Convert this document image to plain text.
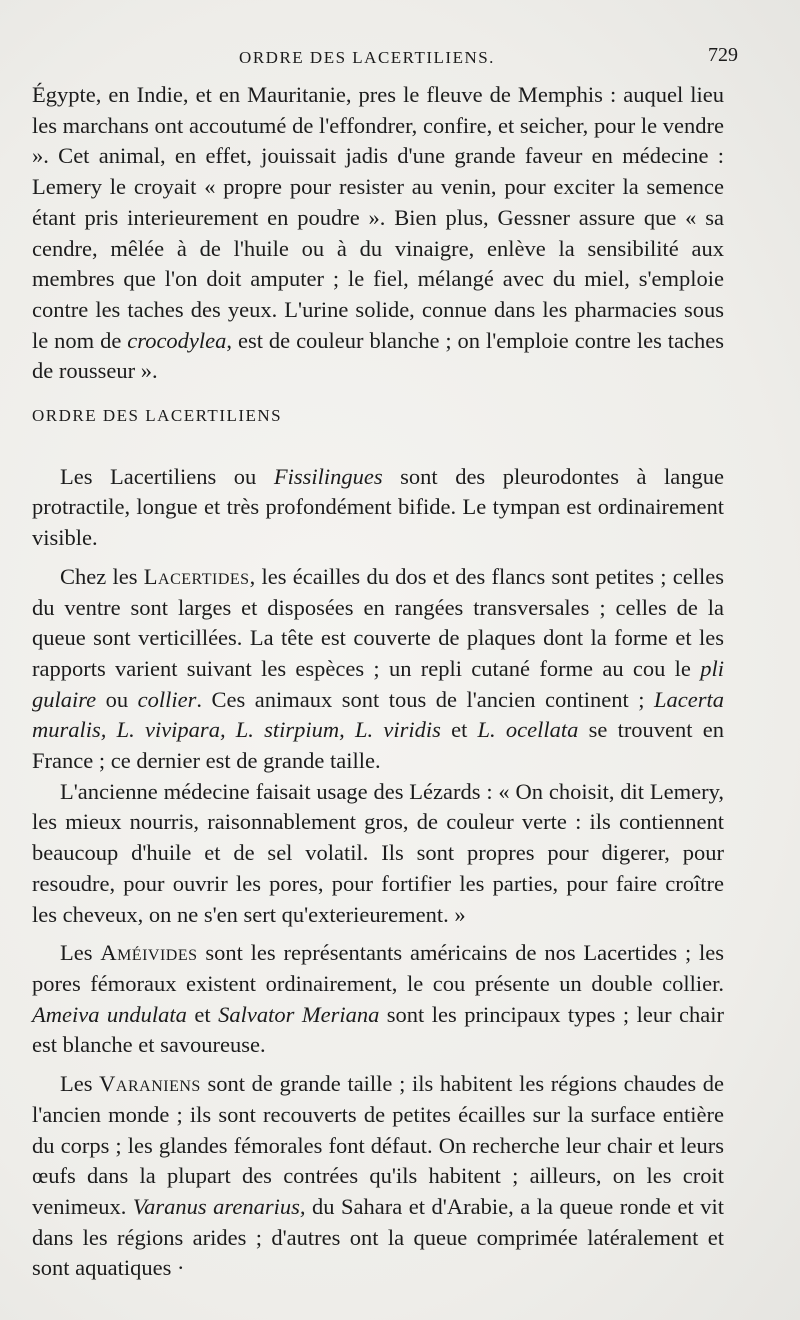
ORDRE DES LACERTILIENS.	729

Égypte, en Indie, et en Mauritanie, pres le fleuve de Memphis : auquel lieu les marchans ont accoutumé de l'effondrer, confire, et seicher, pour le vendre ». Cet animal, en effet, jouissait jadis d'une grande faveur en médecine : Lemery le croyait « propre pour resister au venin, pour exciter la semence étant pris interieurement en poudre ». Bien plus, Gessner assure que « sa cendre, mêlée à de l'huile ou à du vinaigre, enlève la sensibilité aux membres que l'on doit amputer ; le fiel, mélangé avec du miel, s'emploie contre les taches des yeux. L'urine solide, connue dans les pharmacies sous le nom de crocodylea, est de couleur blanche ; on l'emploie contre les taches de rousseur ».

ORDRE DES LACERTILIENS

Les Lacertiliens ou Fissilingues sont des pleurodontes à langue protractile, longue et très profondément bifide. Le tympan est ordinairement visible.

Chez les Lacertides, les écailles du dos et des flancs sont petites ; celles du ventre sont larges et disposées en rangées transversales ; celles de la queue sont verticillées. La tête est couverte de plaques dont la forme et les rapports varient suivant les espèces ; un repli cutané forme au cou le pli gulaire ou collier. Ces animaux sont tous de l'ancien continent ; Lacerta muralis, L. vivipara, L. stirpium, L. viridis et L. ocellata se trouvent en France ; ce dernier est de grande taille.

L'ancienne médecine faisait usage des Lézards : « On choisit, dit Lemery, les mieux nourris, raisonnablement gros, de couleur verte : ils contiennent beaucoup d'huile et de sel volatil. Ils sont propres pour digerer, pour resoudre, pour ouvrir les pores, pour fortifier les parties, pour faire croître les cheveux, on ne s'en sert qu'exterieurement. »

Les Améivides sont les représentants américains de nos Lacertides ; les pores fémoraux existent ordinairement, le cou présente un double collier. Ameiva undulata et Salvator Meriana sont les principaux types ; leur chair est blanche et savoureuse.

Les Varaniens sont de grande taille ; ils habitent les régions chaudes de l'ancien monde ; ils sont recouverts de petites écailles sur la surface entière du corps ; les glandes fémorales font défaut. On recherche leur chair et leurs œufs dans la plupart des contrées qu'ils habitent ; ailleurs, on les croit venimeux. Varanus arenarius, du Sahara et d'Arabie, a la queue ronde et vit dans les régions arides ; d'autres ont la queue comprimée latéralement et sont aquatiques ·
